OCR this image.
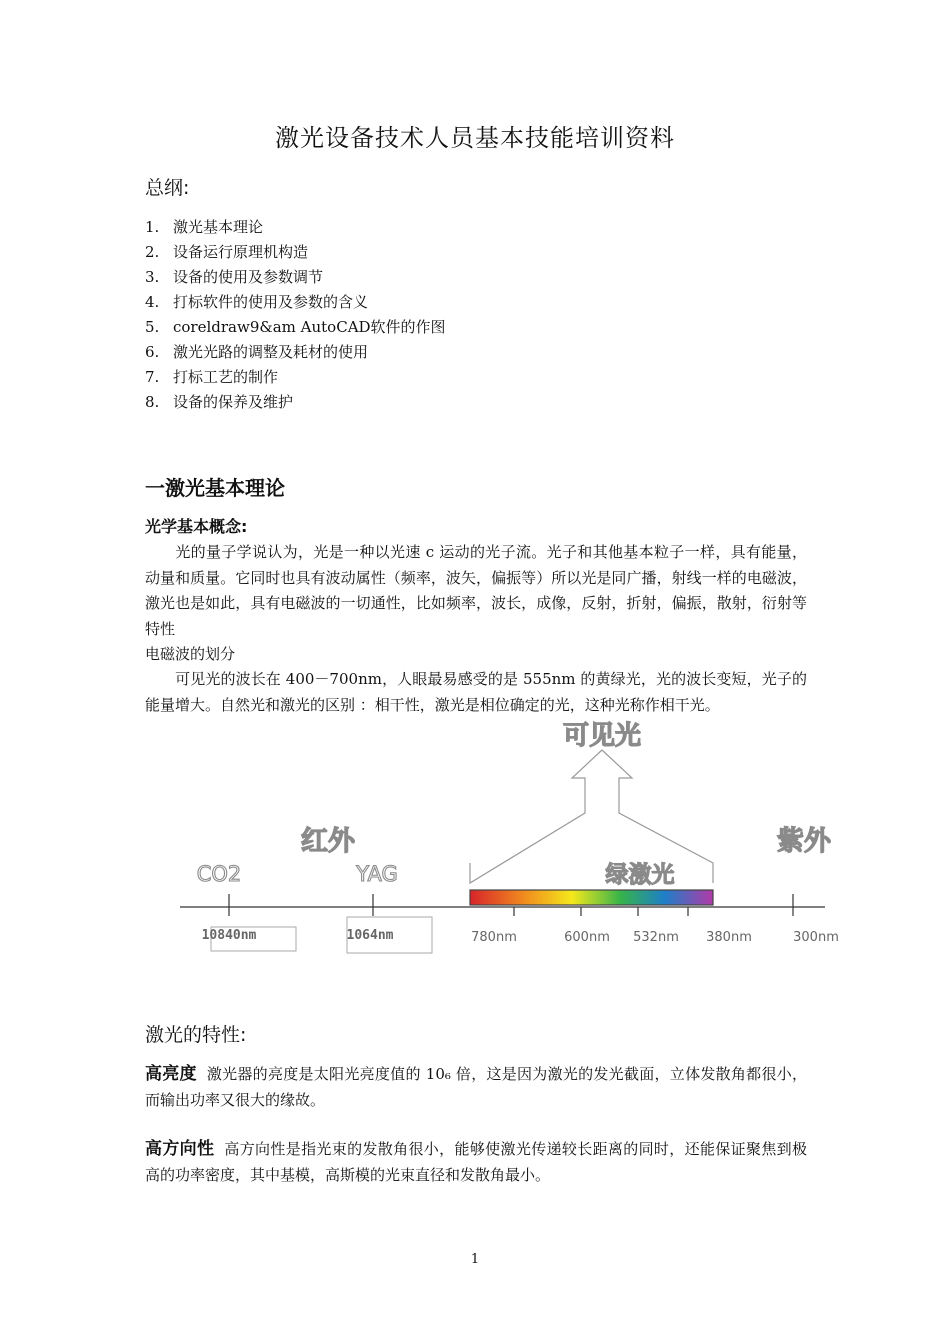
激光设备技术人员基本技能培训资料
总纲:
1. 激光基本理论
2. 设备运行原理机构造
3. 设备的使用及参数调节
4. 打标软件的使用及参数的含义
5. coreldraw9&am AutoCAD软件的作图
6. 激光光路的调整及耗材的使用
7. 打标工艺的制作
8. 设备的保养及维护
一激光基本理论
光学基本概念:
光的量子学说认为，光是一种以光速 c 运动的光子流。光子和其他基本粒子一样，具有能量，动量和质量。它同时也具有波动属性（频率，波矢，偏振等）所以光是同广播，射线一样的电磁波，激光也是如此，具有电磁波的一切通性，比如频率，波长，成像，反射，折射，偏振，散射，衍射等特性
电磁波的划分
可见光的波长在 400－700nm，人眼最易感受的是 555nm 的黄绿光，光的波长变短，光子的能量增大。自然光和激光的区别 ：相干性，激光是相位确定的光，这种光称作相干光。
可见光
红外	紫外
绿激光
CO2	YAG
10840nm	1064nm	780nm	600nm 532nm 380nm	300nm
激光的特性:
高亮度 激光器的亮度是太阳光亮度值的 10₆ 倍，这是因为激光的发光截面，立体发散角都很小，而输出功率又很大的缘故。
高方向性 高方向性是指光束的发散角很小，能够使激光传递较长距离的同时，还能保证聚焦到极高的功率密度，其中基模，高斯模的光束直径和发散角最小。
1
